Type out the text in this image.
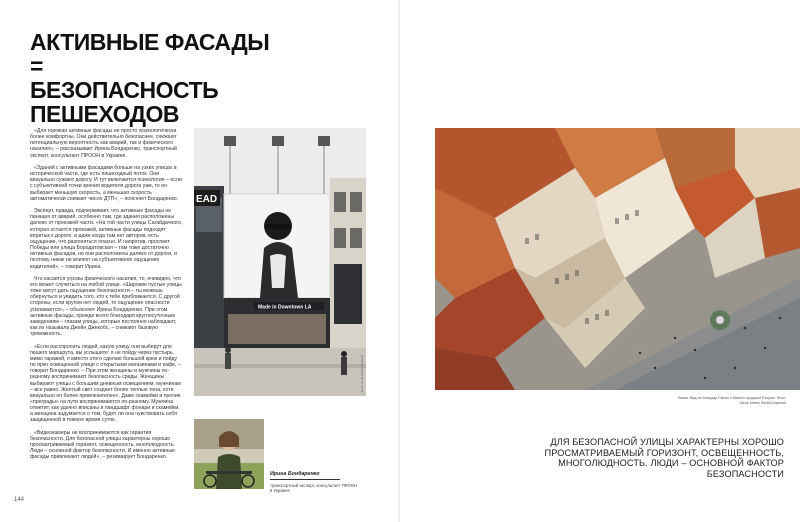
АКТИВНЫЕ ФАСАДЫ =
БЕЗОПАСНОСТЬ
ПЕШЕХОДОВ

«Для горожан активные фасады не просто психологически более комфортны. Они действительно безопаснее, снижают потенциальную вероятность как аварий, так и физического насилия», – рассказывает Ирина Бондаренко, транспортный эксперт, консультант ПРООН в Украине.

«Зданий с активными фасадами больше на узких улицах в исторической части, где есть пешеходный поток. Они визуально сужают дорогу. И тут включается психология – если с субъективной точки зрения водителя дорога уже, то он выбирает меньшую скорость, а меньшая скорость автоматически снижает число ДТП», – поясняет Бондаренко.

Эксперт, правда, подчеркивает, что активные фасады не панацея от аварий, особенно там, где здания расположены далеко от проезжей части. «На той части улицы Сагайдачного, которая остается проезжей, активные фасады подходят впритык к дороге, и даже когда там нет авторов, есть ощущение, что разгоняться опасно. И напротив, проспект Победы или улица Бородатовская – там тоже достаточно активных фасадов, но они расположены далеко от дороги, и поэтому никак не влияют на субъективное ощущение водителей», – говорит Ирина.

Что касается угрозы физического насилия, то, очевидно, что его может случиться на любой улице. «Широкие пустые улицы тоже могут дать ощущение безопасности – ты можешь обернуться и увидеть того, кто к тебе приближается. С другой стороны, если кругом нет людей, то ощущение опасности усиливается», – объясняет Ирина Бондаренко. При этом активные фасады, прежде всего благодаря круглосуточным заведениям – глазам улицы, которые постоянно наблюдают, как их называла Джейн Джекобс, – снижают базовую тревожность.

«Если расспросить людей, какую улицу они выберут для пешего маршрута, вы услышите: я не пойду через пустырь, мимо гаражей, я вместо этого сделаю большой крюк и пойду по ярко освещенной улице с открытыми магазинами и кафе, – говорит Бондаренко. – При этом женщины и мужчины по-разному воспринимают безопасность среды. Женщины выбирают улицы с большим дневным освещением, мужчинам – все равно. Желтый свет создает более теплые тона, хотя визуально он более привлекателен». Даже скамейки и прочие «преграды» на пути воспринимаются по-разному. Мужчина отметит, как удачно вписаны в ландшафт фонари и скамейки, а женщина задумается о том, будет ли она чувствовать себя защищенной в темное время суток.

«Видеокамеры не воспринимаются как гарантия безопасности. Для безопасной улицы характерны хорошо просматриваемый горизонт, освещенность, многолюдность. Люди – основной фактор безопасности. И именно активные фасады привлекают людей», – резюмирует Бондаренко.

Made in Downtown LA
EAD
Фото: Scott Webb/Unsplash
Ирина Бондаренко
транспортный эксперт, консультант ПРООН в Украине
144
Львов. Вид на площадь Рынок с башни городской Ратуши. Фото: Jakub Marek Smith/Unsplash
ДЛЯ БЕЗОПАСНОЙ УЛИЦЫ ХАРАКТЕРНЫ ХОРОШО ПРОСМАТРИВАЕМЫЙ ГОРИЗОНТ, ОСВЕЩЕННОСТЬ, МНОГОЛЮДНОСТЬ. ЛЮДИ – ОСНОВНОЙ ФАКТОР БЕЗОПАСНОСТИ
